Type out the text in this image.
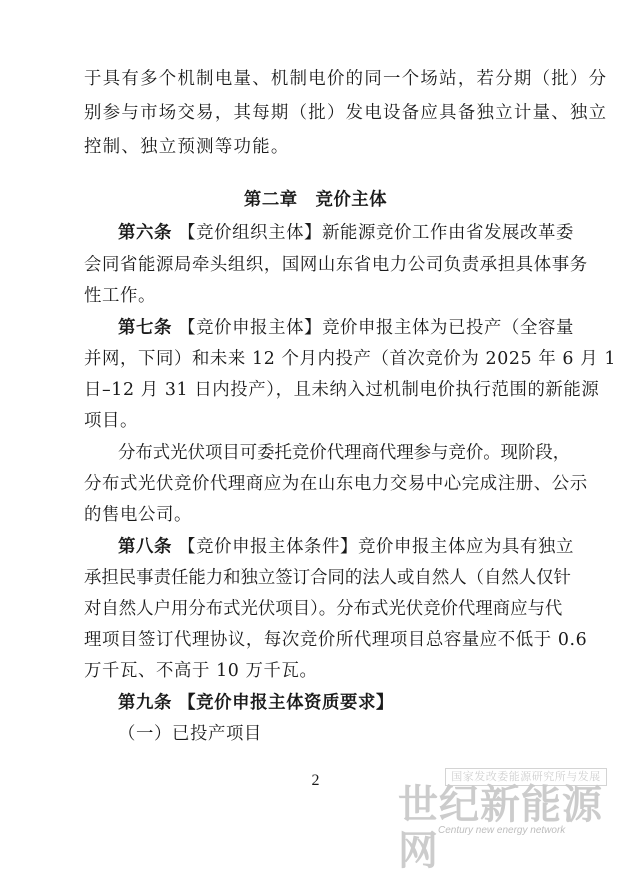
于具有多个机制电量、机制电价的同一个场站，若分期（批）分
别参与市场交易，其每期（批）发电设备应具备独立计量、独立
控制、独立预测等功能。
第二章　竞价主体
第六条 【竞价组织主体】新能源竞价工作由省发展改革委
会同省能源局牵头组织，国网山东省电力公司负责承担具体事务
性工作。
第七条 【竞价申报主体】竞价申报主体为已投产（全容量
并网，下同）和未来 12 个月内投产（首次竞价为 2025 年 6 月 1
日–12 月 31 日内投产），且未纳入过机制电价执行范围的新能源
项目。
分布式光伏项目可委托竞价代理商代理参与竞价。现阶段，
分布式光伏竞价代理商应为在山东电力交易中心完成注册、公示
的售电公司。
第八条 【竞价申报主体条件】竞价申报主体应为具有独立
承担民事责任能力和独立签订合同的法人或自然人（自然人仅针
对自然人户用分布式光伏项目）。分布式光伏竞价代理商应与代
理项目签订代理协议，每次竞价所代理项目总容量应不低于 0.6
万千瓦、不高于 10 万千瓦。
第九条 【竞价申报主体资质要求】
（一）已投产项目
2	国家发改委能源研究所与发展
世纪新能源网 Century new energy network
